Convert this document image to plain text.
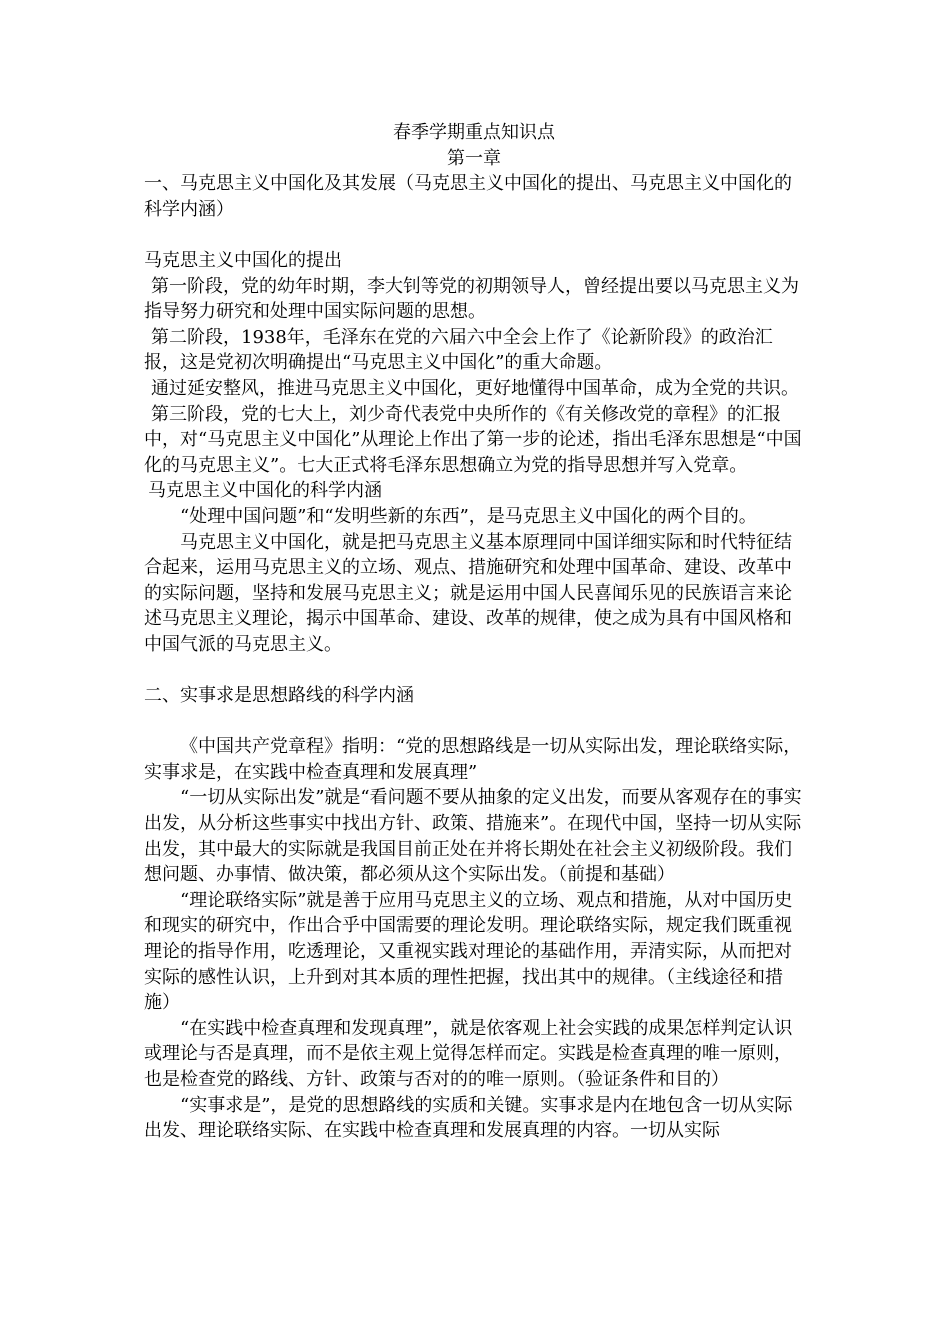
春季学期重点知识点

第一章

一、马克思主义中国化及其发展（马克思主义中国化的提出、马克思主义中国化的科学内涵）

马克思主义中国化的提出

第一阶段，党的幼年时期，李大钊等党的初期领导人，曾经提出要以马克思主义为指导努力研究和处理中国实际问题的思想。

第二阶段，1938年，毛泽东在党的六届六中全会上作了《论新阶段》的政治汇报，这是党初次明确提出“马克思主义中国化”的重大命题。

通过延安整风，推进马克思主义中国化，更好地懂得中国革命，成为全党的共识。

第三阶段，党的七大上，刘少奇代表党中央所作的《有关修改党的章程》的汇报中，对“马克思主义中国化”从理论上作出了第一步的论述，指出毛泽东思想是“中国化的马克思主义”。七大正式将毛泽东思想确立为党的指导思想并写入党章。

马克思主义中国化的科学内涵

“处理中国问题”和“发明些新的东西”，是马克思主义中国化的两个目的。

马克思主义中国化，就是把马克思主义基本原理同中国详细实际和时代特征结合起来，运用马克思主义的立场、观点、措施研究和处理中国革命、建设、改革中的实际问题，坚持和发展马克思主义；就是运用中国人民喜闻乐见的民族语言来论述马克思主义理论，揭示中国革命、建设、改革的规律，使之成为具有中国风格和中国气派的马克思主义。

二、实事求是思想路线的科学内涵

《中国共产党章程》指明：“党的思想路线是一切从实际出发，理论联络实际，实事求是，在实践中检查真理和发展真理”

“一切从实际出发”就是“看问题不要从抽象的定义出发，而要从客观存在的事实出发，从分析这些事实中找出方针、政策、措施来”。在现代中国，坚持一切从实际出发，其中最大的实际就是我国目前正处在并将长期处在社会主义初级阶段。我们想问题、办事情、做决策，都必须从这个实际出发。（前提和基础）

“理论联络实际”就是善于应用马克思主义的立场、观点和措施，从对中国历史和现实的研究中，作出合乎中国需要的理论发明。理论联络实际，规定我们既重视理论的指导作用，吃透理论，又重视实践对理论的基础作用，弄清实际，从而把对实际的感性认识，上升到对其本质的理性把握，找出其中的规律。（主线途径和措施）

“在实践中检查真理和发现真理”，就是依客观上社会实践的成果怎样判定认识或理论与否是真理，而不是依主观上觉得怎样而定。实践是检查真理的唯一原则，也是检查党的路线、方针、政策与否对的的唯一原则。（验证条件和目的）

“实事求是”，是党的思想路线的实质和关键。实事求是内在地包含一切从实际出发、理论联络实际、在实践中检查真理和发展真理的内容。一切从实际
